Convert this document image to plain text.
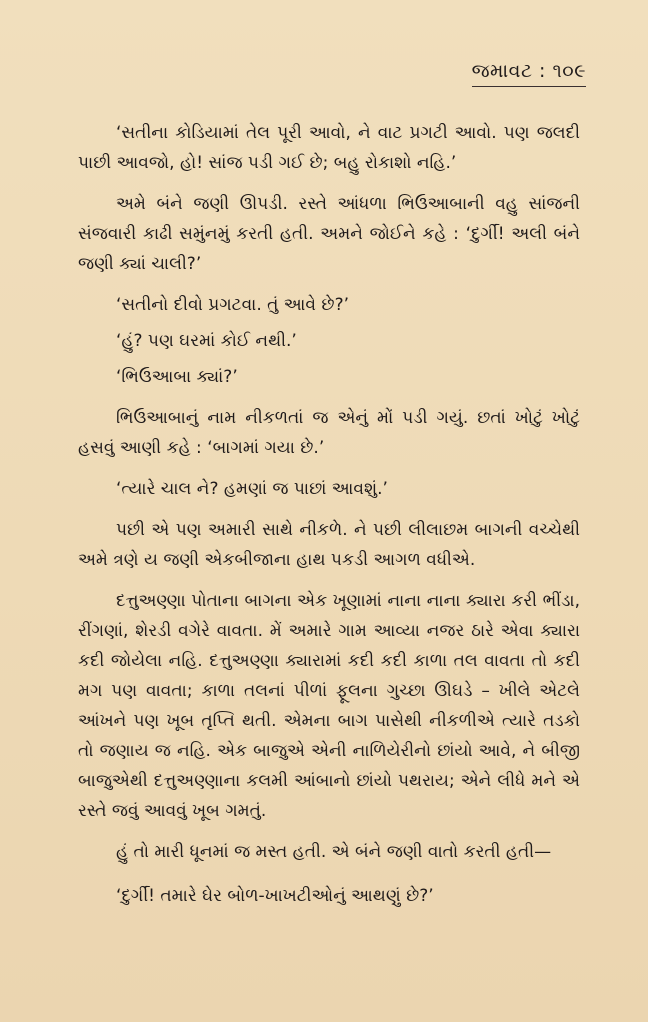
જમાવટ : ૧૦૯

‘સતીના કોડિયામાં તેલ પૂરી આવો, ને વાટ પ્રગટી આવો. પણ જલદી પાછી આવજો, હો! સાંજ પડી ગઈ છે; બહુ રોકાશો નહિ.’

અમે બંને જણી ઊપડી. રસ્તે આંધળા ભિઉઆબાની વહુ સાંજની સંજવારી કાઢી સમુંનમું કરતી હતી. અમને જોઈને કહે : ‘દુર્ગી! અલી બંને જણી ક્યાં ચાલી?’

‘સતીનો દીવો પ્રગટવા. તું આવે છે?’

‘હું? પણ ઘરમાં કોઈ નથી.’

‘ભિઉઆબા ક્યાં?’

ભિઉઆબાનું નામ નીકળતાં જ એનું મોં પડી ગયું. છતાં ખોટું ખોટું હસવું આણી કહે : ‘બાગમાં ગયા છે.’

‘ત્યારે ચાલ ને? હમણાં જ પાછાં આવશું.’

પછી એ પણ અમારી સાથે નીકળે. ને પછી લીલાછમ બાગની વચ્ચેથી અમે ત્રણે ય જણી એકબીજાના હાથ પકડી આગળ વધીએ.

દત્તુઅણ્ણા પોતાના બાગના એક ખૂણામાં નાના નાના ક્યારા કરી ભીંડા, રીંગણાં, શેરડી વગેરે વાવતા. મેં અમારે ગામ આવ્યા નજર ઠારે એવા ક્યારા કદી જોયેલા નહિ. દત્તુઅણ્ણા ક્યારામાં કદી કદી કાળા તલ વાવતા તો કદી મગ પણ વાવતા; કાળા તલનાં પીળાં ફૂલના ગુચ્છા ઊઘડે – ખીલે એટલે આંખને પણ ખૂબ તૃપ્તિ થતી. એમના બાગ પાસેથી નીકળીએ ત્યારે તડકો તો જણાય જ નહિ. એક બાજુએ એની નાળિયેરીનો છાંયો આવે, ને બીજી બાજુએથી દત્તુઅણ્ણાના કલમી આંબાનો છાંયો પથરાય; એને લીધે મને એ રસ્તે જવું આવવું ખૂબ ગમતું.

હું તો મારી ધૂનમાં જ મસ્ત હતી. એ બંને જણી વાતો કરતી હતી—

‘દુર્ગી! તમારે ઘેર બોળ-ખાખટીઓનું આથણું છે?’
